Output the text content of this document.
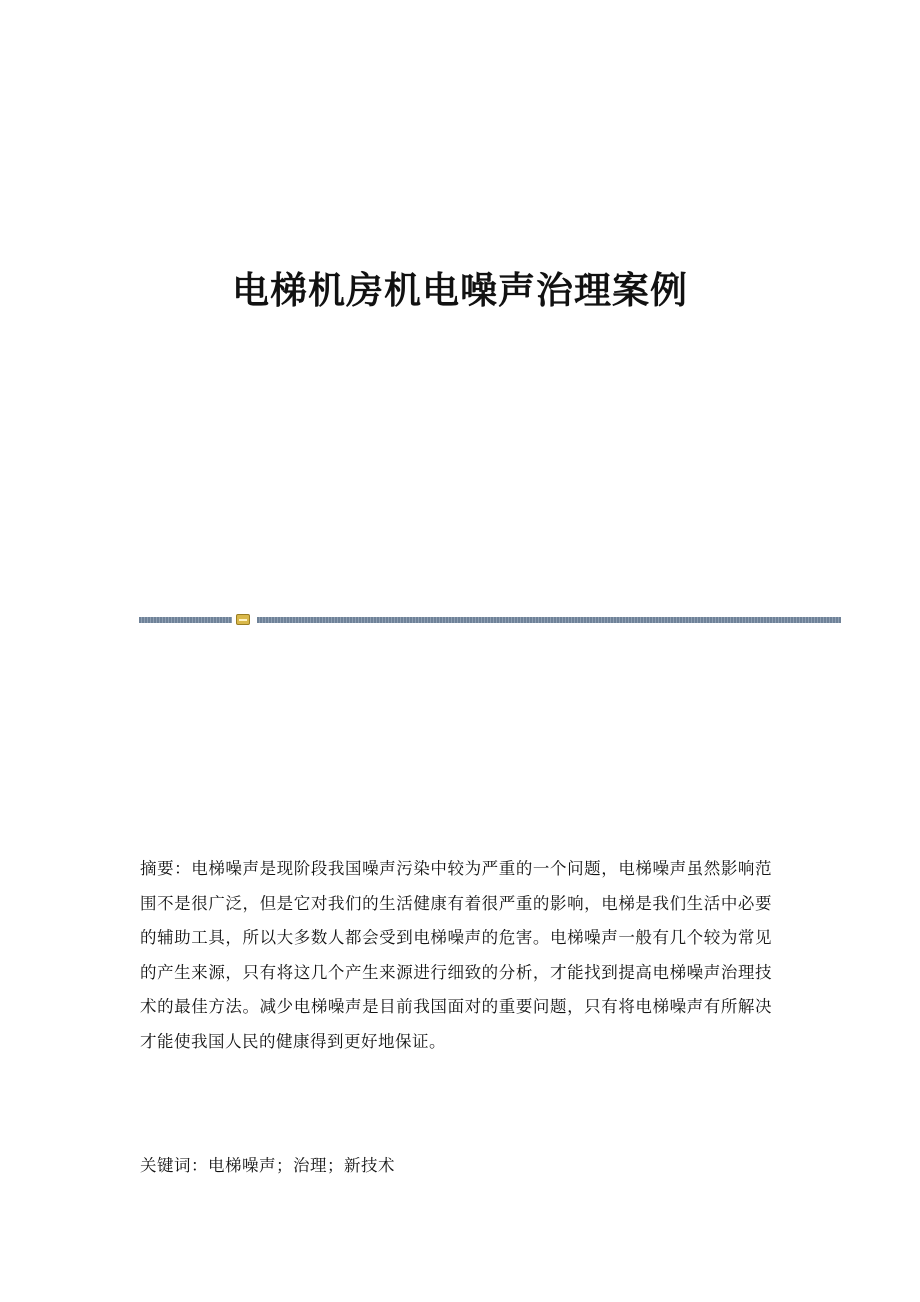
电梯机房机电噪声治理案例

摘要：电梯噪声是现阶段我国噪声污染中较为严重的一个问题，电梯噪声虽然影响范围不是很广泛，但是它对我们的生活健康有着很严重的影响，电梯是我们生活中必要的辅助工具，所以大多数人都会受到电梯噪声的危害。电梯噪声一般有几个较为常见的产生来源，只有将这几个产生来源进行细致的分析，才能找到提高电梯噪声治理技术的最佳方法。减少电梯噪声是目前我国面对的重要问题，只有将电梯噪声有所解决才能使我国人民的健康得到更好地保证。

关键词：电梯噪声；治理；新技术
